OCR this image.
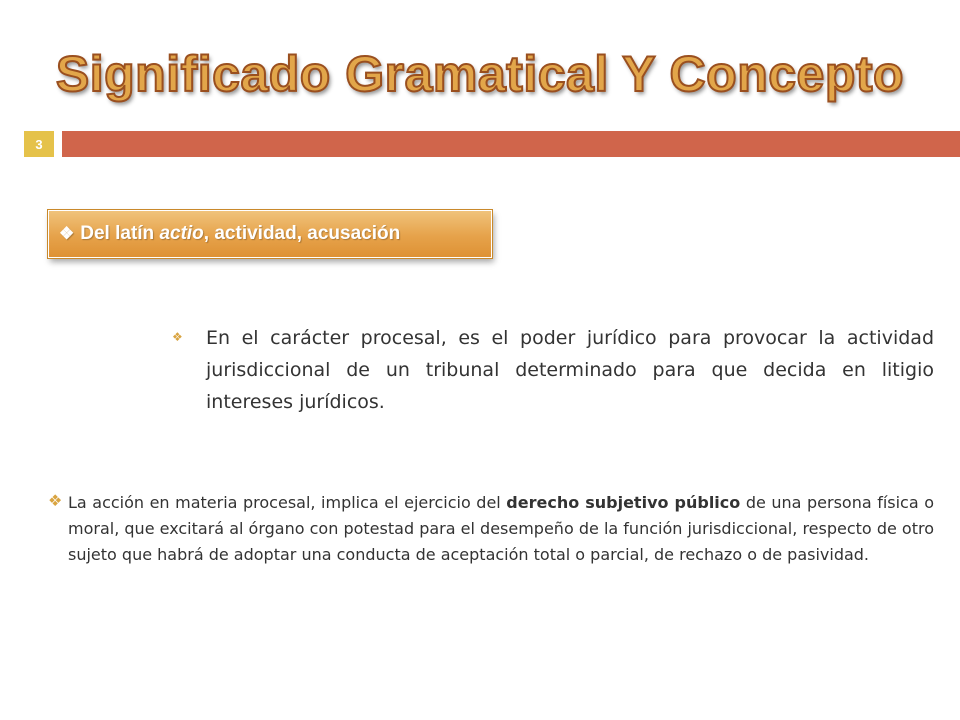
Significado Gramatical Y Concepto
3
❖ Del latín actio , actividad, acusación
❖	En el carácter procesal, es el poder jurídico para provocar la actividad jurisdiccional de un tribunal determinado para que decida en litigio intereses jurídicos.
❖ La acción en materia procesal, implica el ejercicio del derecho subjetivo público de una persona física o moral, que excitará al órgano con potestad para el desempeño de la función jurisdiccional, respecto de otro sujeto que habrá de adoptar una conducta de aceptación total o parcial, de rechazo o de pasividad.
